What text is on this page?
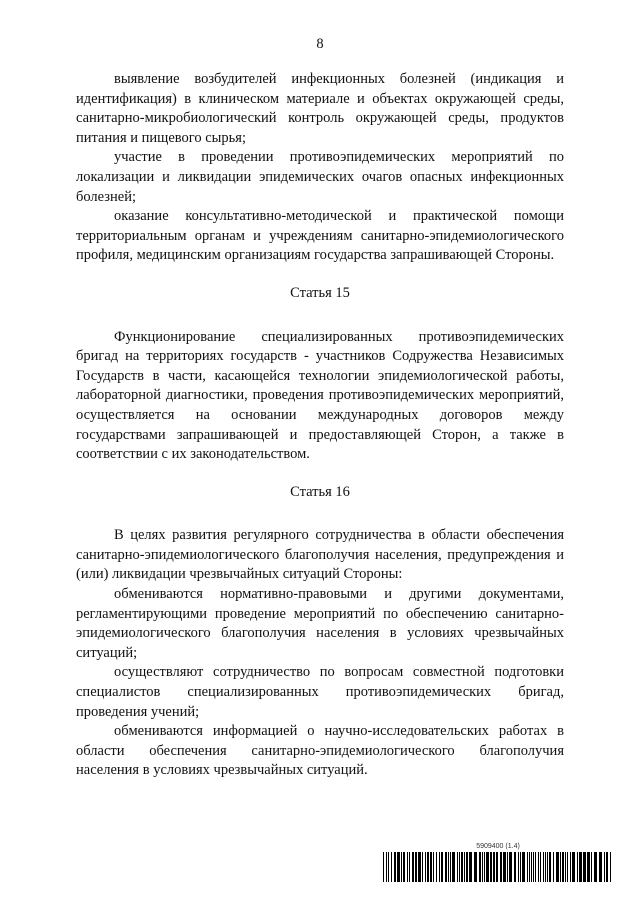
8

выявление возбудителей инфекционных болезней (индикация и идентификация) в клиническом материале и объектах окружающей среды, санитарно-микробиологический контроль окружающей среды, продуктов питания и пищевого сырья;

участие в проведении противоэпидемических мероприятий по локализации и ликвидации эпидемических очагов опасных инфекционных болезней;

оказание консультативно-методической и практической помощи территориальным органам и учреждениям санитарно-эпидемиологического профиля, медицинским организациям государства запрашивающей Стороны.

Статья 15

Функционирование специализированных противоэпидемических бригад на территориях государств - участников Содружества Независимых Государств в части, касающейся технологии эпидемиологической работы, лабораторной диагностики, проведения противоэпидемических мероприятий, осуществляется на основании международных договоров между государствами запрашивающей и предоставляющей Сторон, а также в соответствии с их законодательством.

Статья 16

В целях развития регулярного сотрудничества в области обеспечения санитарно-эпидемиологического благополучия населения, предупреждения и (или) ликвидации чрезвычайных ситуаций Стороны:

обмениваются нормативно-правовыми и другими документами, регламентирующими проведение мероприятий по обеспечению санитарно-эпидемиологического благополучия населения в условиях чрезвычайных ситуаций;

осуществляют сотрудничество по вопросам совместной подготовки специалистов специализированных противоэпидемических бригад, проведения учений;

обмениваются информацией о научно-исследовательских работах в области обеспечения санитарно-эпидемиологического благополучия населения в условиях чрезвычайных ситуаций.

5909400 (1.4)
